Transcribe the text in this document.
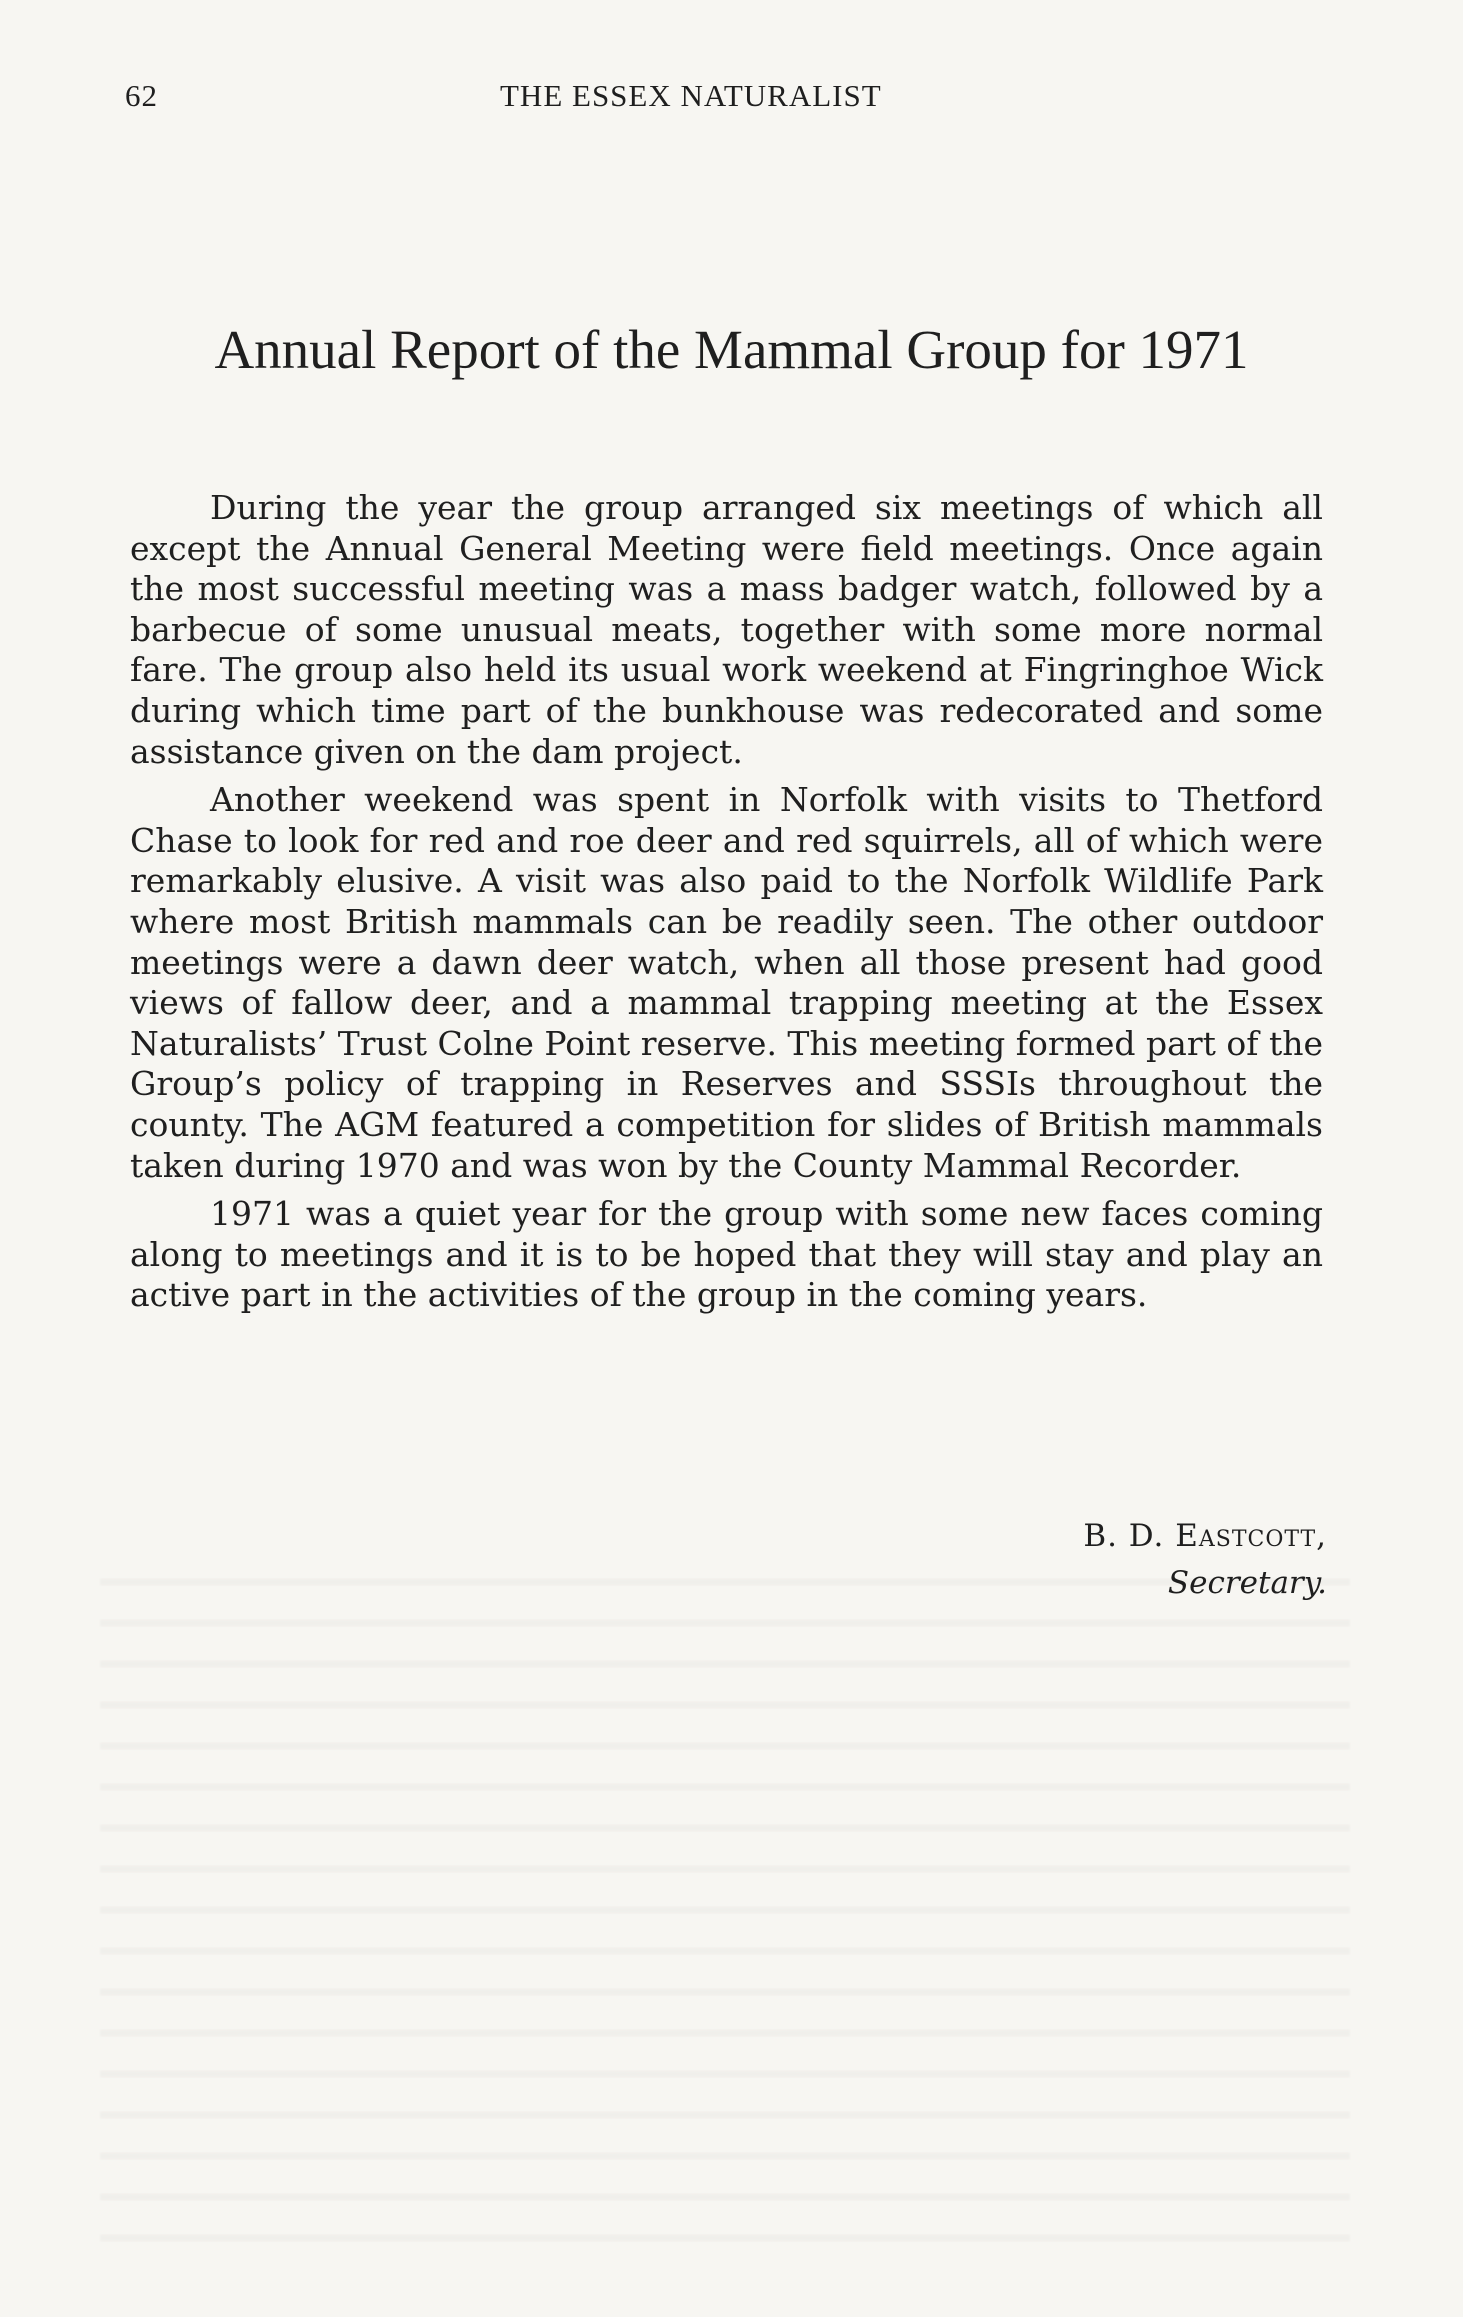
62	THE ESSEX NATURALIST
Annual Report of the Mammal Group for 1971

During the year the group arranged six meetings of which all except the Annual General Meeting were field meetings. Once again the most successful meeting was a mass badger watch, followed by a barbecue of some unusual meats, together with some more normal fare. The group also held its usual work weekend at Fingringhoe Wick during which time part of the bunkhouse was redecorated and some assistance given on the dam project.

Another weekend was spent in Norfolk with visits to Thetford Chase to look for red and roe deer and red squirrels, all of which were remarkably elusive. A visit was also paid to the Norfolk Wildlife Park where most British mammals can be readily seen. The other outdoor meetings were a dawn deer watch, when all those present had good views of fallow deer, and a mammal trapping meeting at the Essex Naturalists’ Trust Colne Point reserve. This meeting formed part of the Group’s policy of trapping in Reserves and SSSIs throughout the county. The AGM featured a competition for slides of British mammals taken during 1970 and was won by the County Mammal Recorder.

1971 was a quiet year for the group with some new faces coming along to meetings and it is to be hoped that they will stay and play an active part in the activities of the group in the coming years.

B. D. Eastcott,
Secretary.
